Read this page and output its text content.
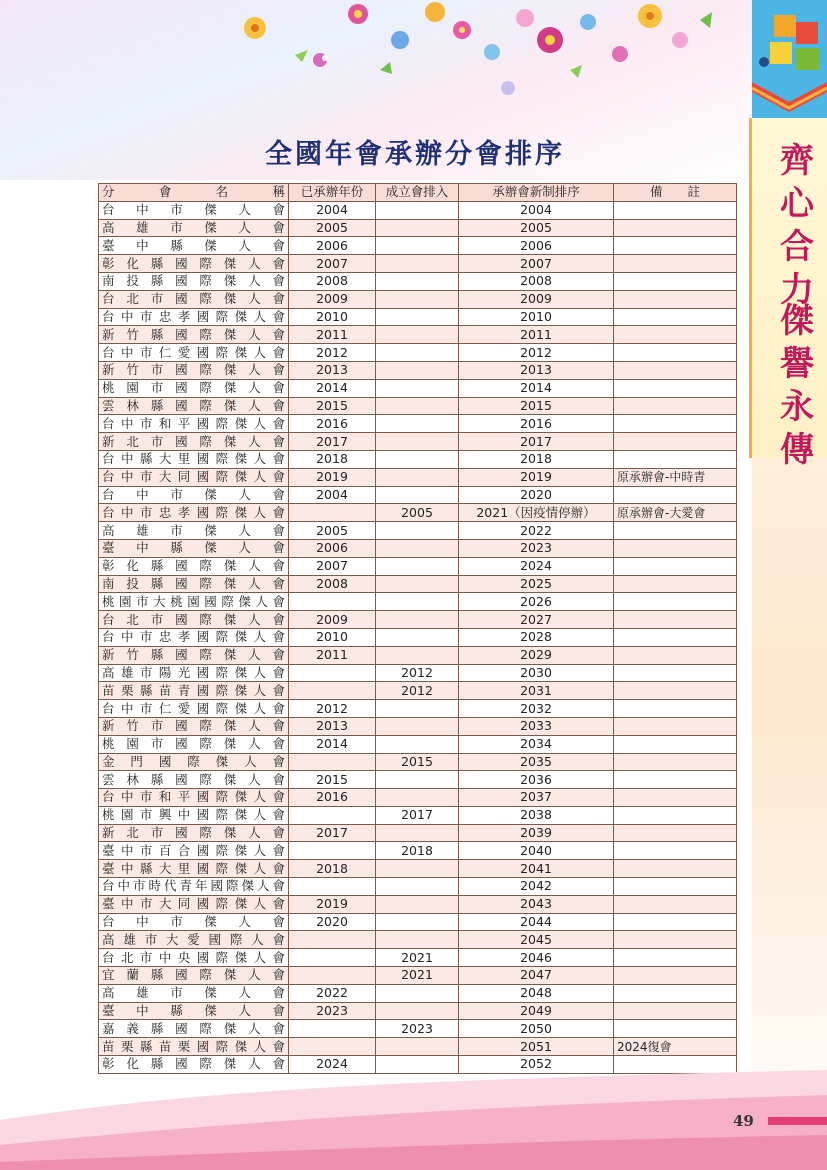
齊
心
合
力
傑
譽
永
傳
全國年會承辦分會排序
分　　會　　名　　稱	已承辦年份	成立會排入	承辦會新制排序	備　　註
台　中　市　傑　人　會	2004		2004	
高　雄　市　傑　人　會	2005		2005	
臺　中　縣　傑　人　會	2006		2006	
彰化縣國際傑人會	2007		2007	
南投縣國際傑人會	2008		2008	
台北市國際傑人會	2009		2009	
台中市忠孝國際傑人會	2010		2010	
新竹縣國際傑人會	2011		2011	
台中市仁愛國際傑人會	2012		2012	
新竹市國際傑人會	2013		2013	
桃園市國際傑人會	2014		2014	
雲林縣國際傑人會	2015		2015	
台中市和平國際傑人會	2016		2016	
新北市國際傑人會	2017		2017	
台中縣大里國際傑人會	2018		2018	
台中市大同國際傑人會	2019		2019	原承辦會-中時青
台　中　市　傑　人　會	2004		2020	
台中市忠孝國際傑人會		2005	2021（因疫情停辦）	原承辦會-大愛會
高　雄　市　傑　人　會	2005		2022	
臺　中　縣　傑　人　會	2006		2023	
彰化縣國際傑人會	2007		2024	
南投縣國際傑人會	2008		2025	
桃園市大桃園國際傑人會			2026	
台北市國際傑人會	2009		2027	
台中市忠孝國際傑人會	2010		2028	
新竹縣國際傑人會	2011		2029	
高雄市陽光國際傑人會		2012	2030	
苗栗縣苗青國際傑人會		2012	2031	
台中市仁愛國際傑人會	2012		2032	
新竹市國際傑人會	2013		2033	
桃園市國際傑人會	2014		2034	
金門國際傑人會		2015	2035	
雲林縣國際傑人會	2015		2036	
台中市和平國際傑人會	2016		2037	
桃園市興中國際傑人會		2017	2038	
新北市國際傑人會	2017		2039	
臺中市百合國際傑人會		2018	2040	
臺中縣大里國際傑人會	2018		2041	
台中市時代青年國際傑人會			2042	
臺中市大同國際傑人會	2019		2043	
台　中　市　傑　人　會	2020		2044	
高雄市大愛國際人會			2045	
台北市中央國際傑人會		2021	2046	
宜蘭縣國際傑人會		2021	2047	
高　雄　市　傑　人　會	2022		2048	
臺　中　縣　傑　人　會	2023		2049	
嘉義縣國際傑人會		2023	2050	
苗栗縣苗栗國際傑人會			2051	2024復會
彰化縣國際傑人會	2024		2052	
49
